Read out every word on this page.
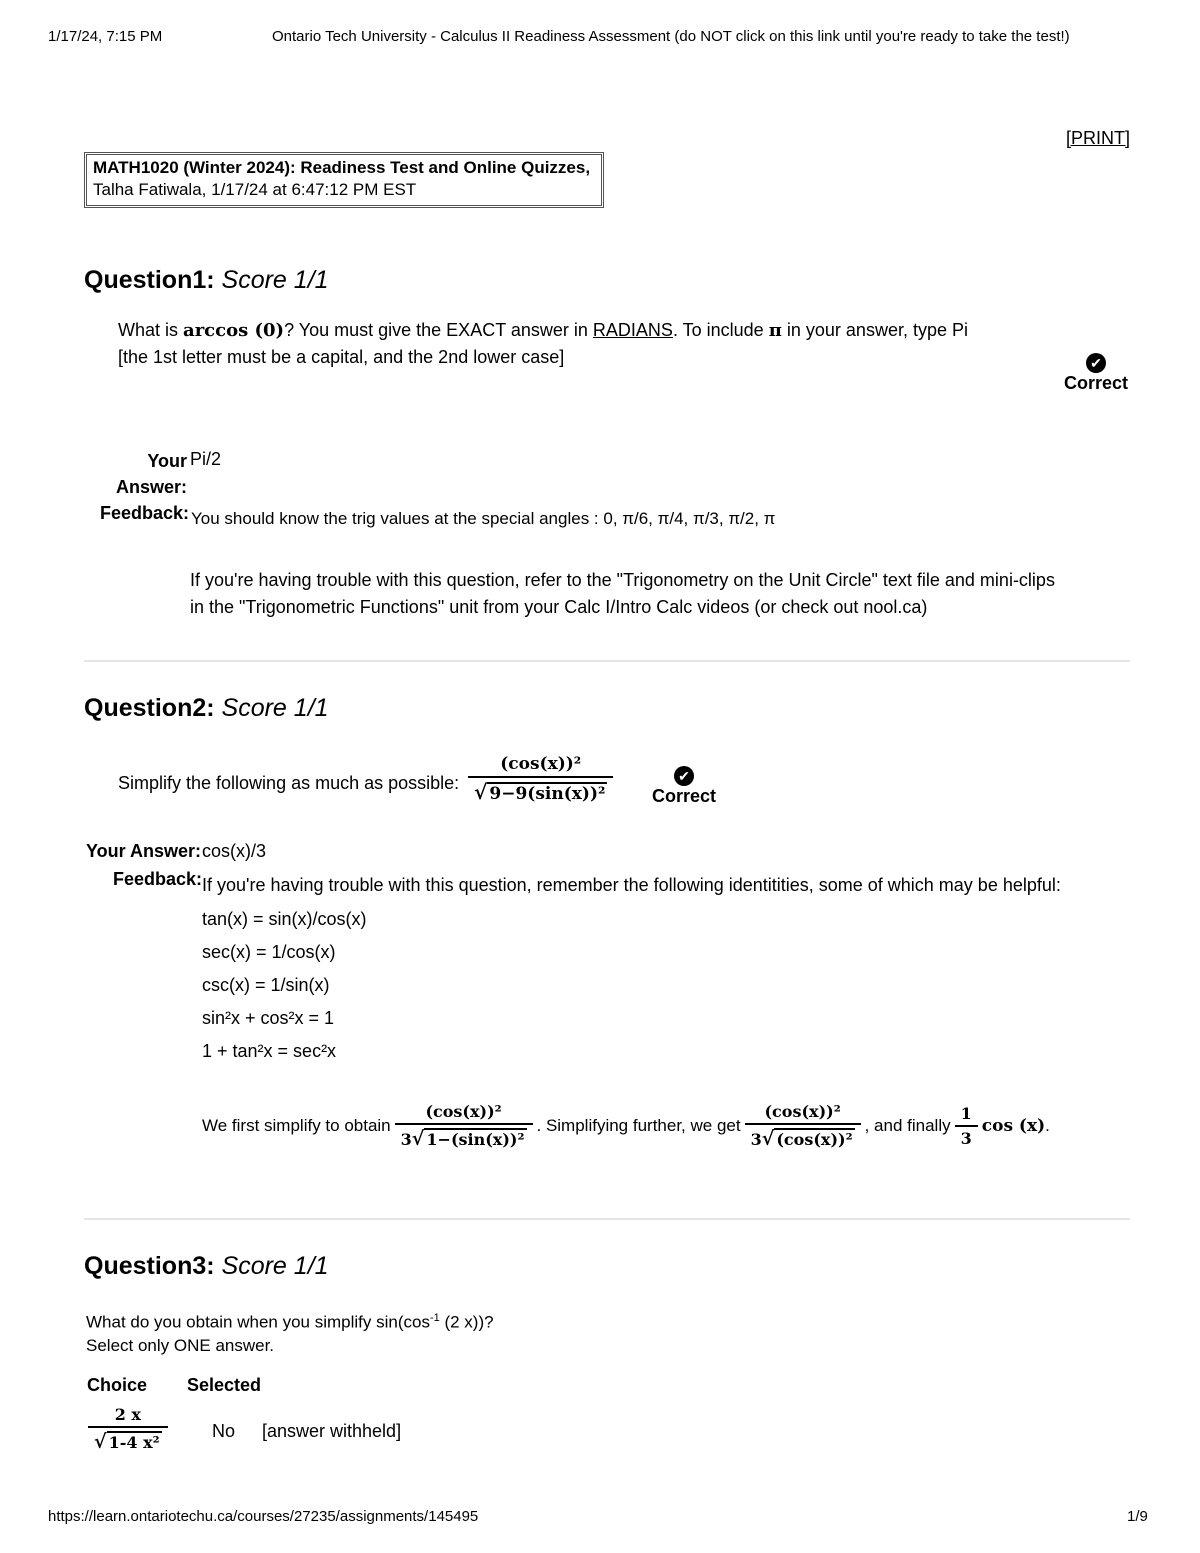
1/17/24, 7:15 PM	Ontario Tech University - Calculus II Readiness Assessment (do NOT click on this link until you're ready to take the test!)
[PRINT]
MATH1020 (Winter 2024): Readiness Test and Online Quizzes,
Talha Fatiwala, 1/17/24 at 6:47:12 PM EST
Question1: Score 1/1
What is arccos (0)? You must give the EXACT answer in RADIANS. To include π in your answer, type Pi
[the 1st letter must be a capital, and the 2nd lower case]	✔
Correct
Your
Answer:
Pi/2
Feedback: You should know the trig values at the special angles : 0, π/6, π/4, π/3, π/2, π
If you're having trouble with this question, refer to the "Trigonometry on the Unit Circle" text file and mini-clips
in the "Trigonometric Functions" unit from your Calc I/Intro Calc videos (or check out nool.ca)
Question2: Score 1/1
Simplify the following as much as possible: $\frac{\text{(cos(x))²}}{\text{√ 9−9(sin(x))²}}$	✔
Correct
Your Answer: cos(x)/3
Feedback: If you're having trouble with this question, remember the following identitities, some of which may be helpful:
tan(x) = sin(x)/cos(x)
sec(x) = 1/cos(x)
csc(x) = 1/sin(x)
sin²x + cos²x = 1
1 + tan²x = sec²x
We first simplify to obtain $\frac{\text{(cos(x))²}}{\text{3√ 1−(sin(x))²}}$ . Simplifying further, we get $\frac{\text{(cos(x))²}}{\text{3√ (cos(x))²}}$ , and finally $\frac{1}{3}$ cos (x) .
Question3: Score 1/1
What do you obtain when you simplify $\sin(\cos^{-1}$ (2 x))?
Select only ONE answer.
Choice Selected
$\frac{2 x}{\text{√ 1-4 x²}}$ No [answer withheld]
https://learn.ontariotechu.ca/courses/27235/assignments/145495	1/9
